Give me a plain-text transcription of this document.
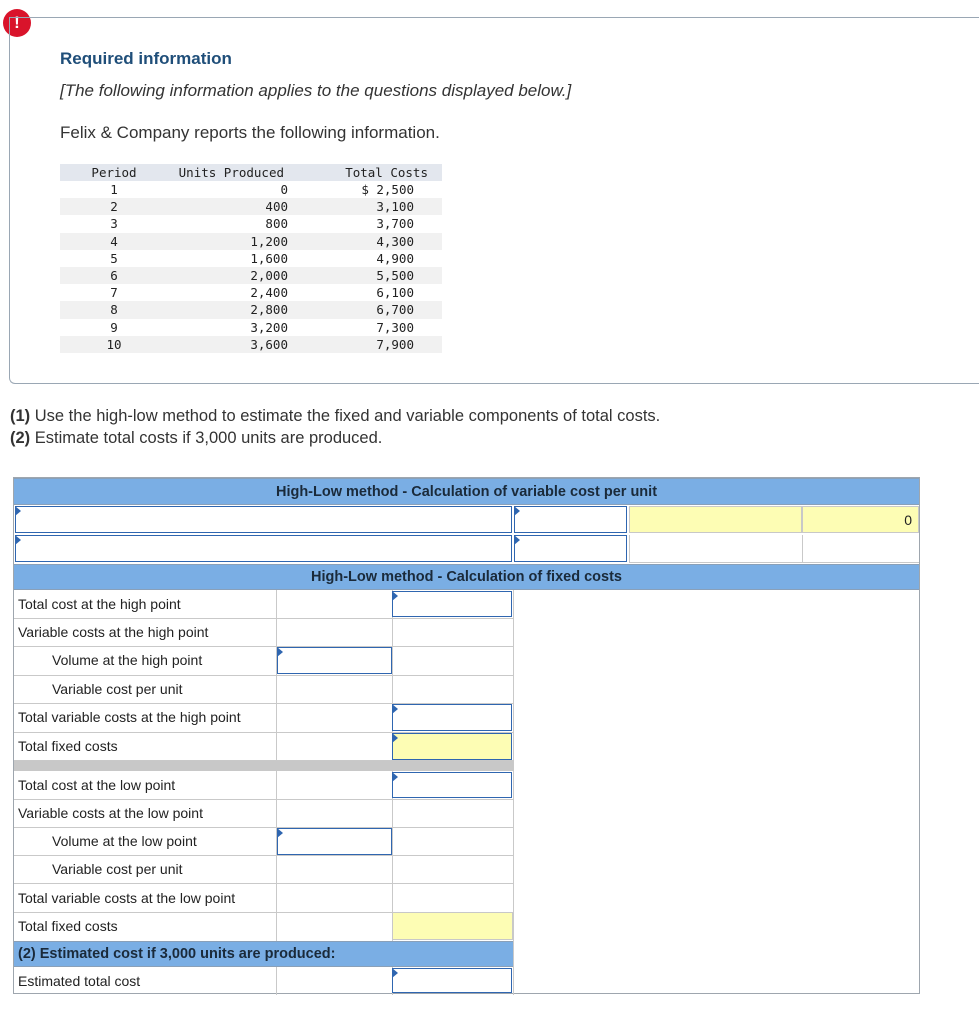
!
Required information
[The following information applies to the questions displayed below.]
Felix & Company reports the following information.
Period	Units Produced	Total Costs
1	0	$ 2,500
2	400	3,100
3	800	3,700
4	1,200	4,300
5	1,600	4,900
6	2,000	5,500
7	2,400	6,100
8	2,800	6,700
9	3,200	7,300
10	3,600	7,900
(1) Use the high-low method to estimate the fixed and variable components of total costs.
(2) Estimate total costs if 3,000 units are produced.
High-Low method - Calculation of variable cost per unit
0
High-Low method - Calculation of fixed costs
Total cost at the high point
Variable costs at the high point
Volume at the high point
Variable cost per unit
Total variable costs at the high point
Total fixed costs
Total cost at the low point
Variable costs at the low point
Volume at the low point
Variable cost per unit
Total variable costs at the low point
Total fixed costs
(2) Estimated cost if 3,000 units are produced:
Estimated total cost
